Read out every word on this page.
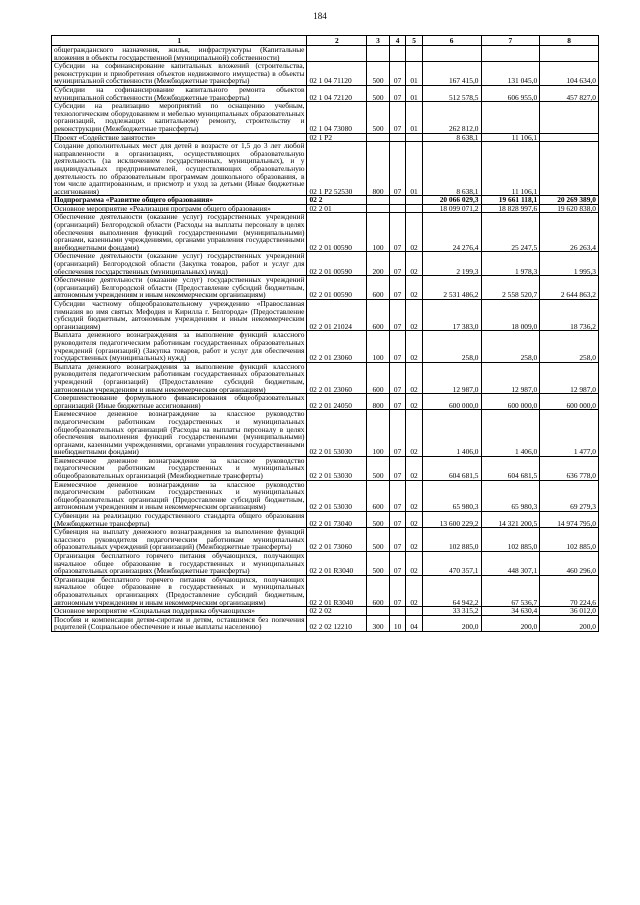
184
1	2	3	4	5	6	7	8
общегражданского назначения, жилья, инфраструктуры (Капитальные вложения в объекты государственной (муниципальной) собственности)							
Субсидии на софинансирование капитальных вложений (строительства, реконструкции и приобретения объектов недвижимого имущества) в объекты муниципальной собственности (Межбюджетные трансферты)	02 1 04 71120	500	07	01	167 415,0	131 045,0	104 634,0
Субсидии на софинансирование капитального ремонта объектов муниципальной собственности (Межбюджетные трансферты)	02 1 04 72120	500	07	01	512 578,5	606 955,0	457 827,0
Субсидии на реализацию мероприятий по оснащению учебным, технологическим оборудованием и мебелью муниципальных образовательных организаций, подлежащих капитальному ремонту, строительству и реконструкции (Межбюджетные трансферты)	02 1 04 73080	500	07	01	262 812,0		
Проект «Содействие занятости»	02 1 P2				8 638,1	11 106,1	
Создание дополнительных мест для детей в возрасте от 1,5 до 3 лет любой направленности в организациях, осуществляющих образовательную деятельность (за исключением государственных, муниципальных), и у индивидуальных предпринимателей, осуществляющих образовательную деятельность по образовательным программам дошкольного образования, в том числе адаптированным, и присмотр и уход за детьми (Иные бюджетные ассигнования)	02 1 P2 52530	800	07	01	8 638,1	11 106,1	
Подпрограмма «Развитие общего образования»	02 2				20 066 029,3	19 661 118,1	20 269 389,0
Основное мероприятие «Реализация программ общего образования»	02 2 01				18 099 071,2	18 828 997,6	19 620 838,0
Обеспечение деятельности (оказание услуг) государственных учреждений (организаций) Белгородской области (Расходы на выплаты персоналу в целях обеспечения выполнения функций государственными (муниципальными) органами, казенными учреждениями, органами управления государственными внебюджетными фондами)	02 2 01 00590	100	07	02	24 276,4	25 247,5	26 263,4
Обеспечение деятельности (оказание услуг) государственных учреждений (организаций) Белгородской области (Закупка товаров, работ и услуг для обеспечения государственных (муниципальных) нужд)	02 2 01 00590	200	07	02	2 199,3	1 978,3	1 995,3
Обеспечение деятельности (оказание услуг) государственных учреждений (организаций) Белгородской области (Предоставление субсидий бюджетным, автономным учреждениям и иным некоммерческим организациям)	02 2 01 00590	600	07	02	2 531 486,2	2 558 520,7	2 644 863,2
Субсидии частному общеобразовательному учреждению «Православная гимназия во имя святых Мефодия и Кирилла г. Белгорода» (Предоставление субсидий бюджетным, автономным учреждениям и иным некоммерческим организациям)	02 2 01 21024	600	07	02	17 383,0	18 009,0	18 736,2
Выплата денежного вознаграждения за выполнение функций классного руководителя педагогическим работникам государственных образовательных учреждений (организаций) (Закупка товаров, работ и услуг для обеспечения государственных (муниципальных) нужд)	02 2 01 23060	100	07	02	258,0	258,0	258,0
Выплата денежного вознаграждения за выполнение функций классного руководителя педагогическим работникам государственных образовательных учреждений (организаций) (Предоставление субсидий бюджетным, автономным учреждениям и иным некоммерческим организациям)	02 2 01 23060	600	07	02	12 987,0	12 987,0	12 987,0
Совершенствование формульного финансирования общеобразовательных организаций (Иные бюджетные ассигнования)	02 2 01 24050	800	07	02	600 000,0	600 000,0	600 000,0
Ежемесячное денежное вознаграждение за классное руководство педагогическим работникам государственных и муниципальных общеобразовательных организаций (Расходы на выплаты персоналу в целях обеспечения выполнения функций государственными (муниципальными) органами, казенными учреждениями, органами управления государственными внебюджетными фондами)	02 2 01 53030	100	07	02	1 406,0	1 406,0	1 477,0
Ежемесячное денежное вознаграждение за классное руководство педагогическим работникам государственных и муниципальных общеобразовательных организаций (Межбюджетные трансферты)	02 2 01 53030	500	07	02	604 681,5	604 681,5	636 778,0
Ежемесячное денежное вознаграждение за классное руководство педагогическим работникам государственных и муниципальных общеобразовательных организаций (Предоставление субсидий бюджетным, автономным учреждениям и иным некоммерческим организациям)	02 2 01 53030	600	07	02	65 980,3	65 980,3	69 279,3
Субвенции на реализацию государственного стандарта общего образования (Межбюджетные трансферты)	02 2 01 73040	500	07	02	13 600 229,2	14 321 200,5	14 974 795,0
Субвенция на выплату денежного вознаграждения за выполнение функций классного руководителя педагогическим работникам муниципальных образовательных учреждений (организаций) (Межбюджетные трансферты)	02 2 01 73060	500	07	02	102 885,0	102 885,0	102 885,0
Организация бесплатного горячего питания обучающихся, получающих начальное общее образование в государственных и муниципальных образовательных организациях (Межбюджетные трансферты)	02 2 01 R3040	500	07	02	470 357,1	448 307,1	460 296,0
Организация бесплатного горячего питания обучающихся, получающих начальное общее образование в государственных и муниципальных образовательных организациях (Предоставление субсидий бюджетным, автономным учреждениям и иным некоммерческим организациям)	02 2 01 R3040	600	07	02	64 942,2	67 536,7	70 224,6
Основное мероприятие «Социальная поддержка обучающихся»	02 2 02				33 315,2	34 630,4	36 012,0
Пособия и компенсации детям-сиротам и детям, оставшимся без попечения родителей (Социальное обеспечение и иные выплаты населению)	02 2 02 12210	300	10	04	200,0	200,0	200,0
